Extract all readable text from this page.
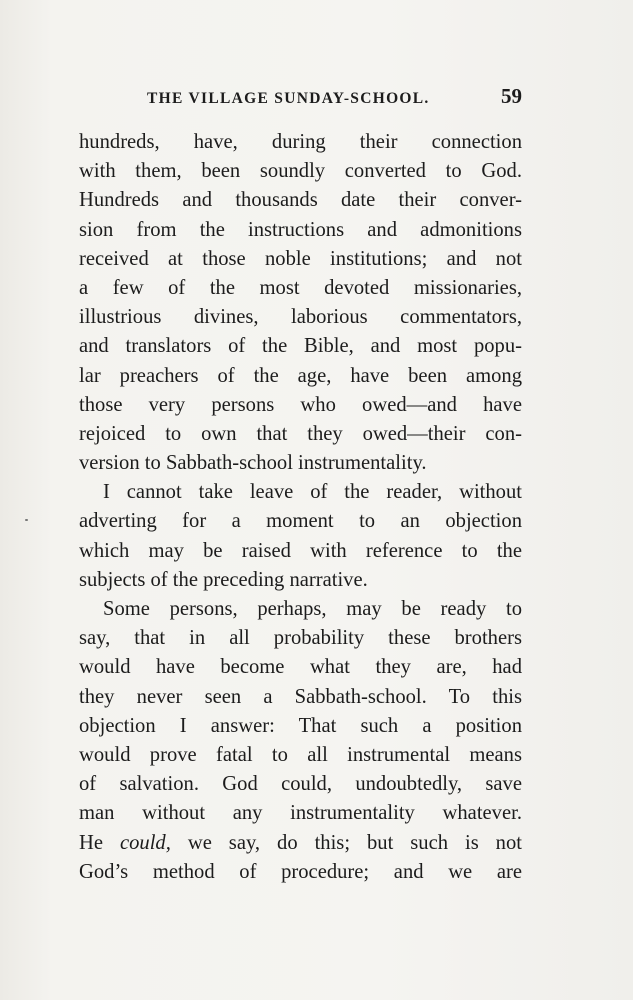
THE VILLAGE SUNDAY-SCHOOL.	59
hundreds, have, during their connection
with them, been soundly converted to God.
Hundreds and thousands date their conver-
sion from the instructions and admonitions
received at those noble institutions; and not
a few of the most devoted missionaries,
illustrious divines, laborious commentators,
and translators of the Bible, and most popu-
lar preachers of the age, have been among
those very persons who owed—and have
rejoiced to own that they owed—their con-
version to Sabbath-school instrumentality.
I cannot take leave of the reader, without
adverting for a moment to an objection
which may be raised with reference to the
subjects of the preceding narrative.
Some persons, perhaps, may be ready to
say, that in all probability these brothers
would have become what they are, had
they never seen a Sabbath-school. To this
objection I answer: That such a position
would prove fatal to all instrumental means
of salvation. God could, undoubtedly, save
man without any instrumentality whatever.
He could, we say, do this; but such is not
God’s method of procedure; and we are
